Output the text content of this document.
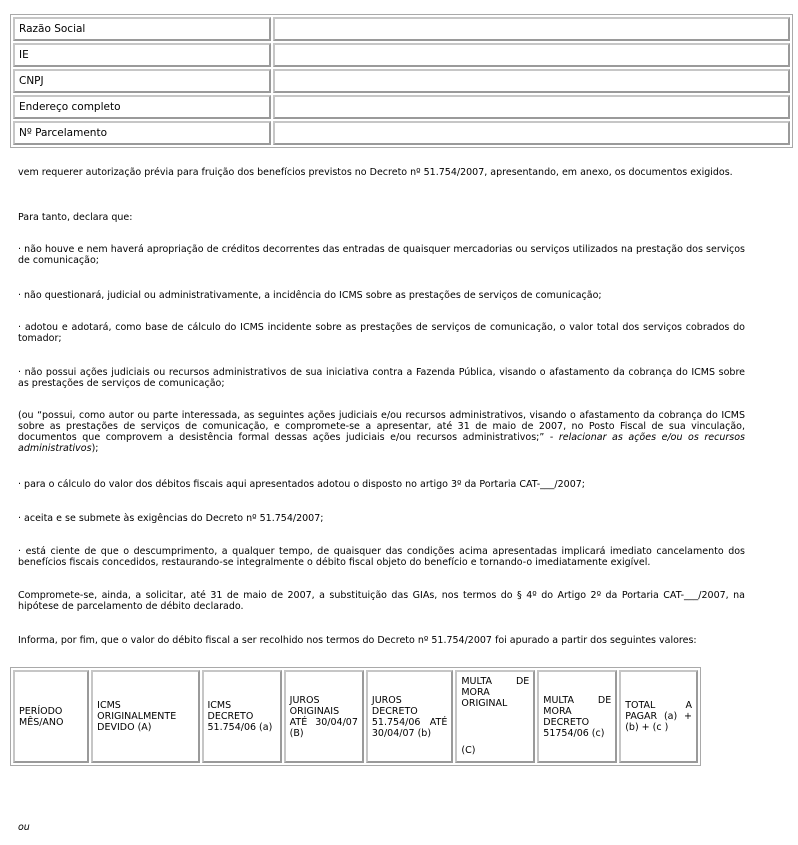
Razão Social	
IE	
CNPJ	
Endereço completo	
Nº Parcelamento	

vem requerer autorização prévia para fruição dos benefícios previstos no Decreto nº 51.754/2007, apresentando, em anexo, os documentos exigidos.

Para tanto, declara que:

· não houve e nem haverá apropriação de créditos decorrentes das entradas de quaisquer mercadorias ou serviços utilizados na prestação dos serviços de comunicação;

· não questionará, judicial ou administrativamente, a incidência do ICMS sobre as prestações de serviços de comunicação;

· adotou e adotará, como base de cálculo do ICMS incidente sobre as prestações de serviços de comunicação, o valor total dos serviços cobrados do tomador;

· não possui ações judiciais ou recursos administrativos de sua iniciativa contra a Fazenda Pública, visando o afastamento da cobrança do ICMS sobre as prestações de serviços de comunicação;

(ou “possui, como autor ou parte interessada, as seguintes ações judiciais e/ou recursos administrativos, visando o afastamento da cobrança do ICMS sobre as prestações de serviços de comunicação, e compromete-se a apresentar, até 31 de maio de 2007, no Posto Fiscal de sua vinculação, documentos que comprovem a desistência formal dessas ações judiciais e/ou recursos administrativos;” - relacionar as ações e/ou os recursos administrativos);

· para o cálculo do valor dos débitos fiscais aqui apresentados adotou o disposto no artigo 3º da Portaria CAT-___/2007;

· aceita e se submete às exigências do Decreto nº 51.754/2007;

· está ciente de que o descumprimento, a qualquer tempo, de quaisquer das condições acima apresentadas implicará imediato cancelamento dos benefícios fiscais concedidos, restaurando-se integralmente o débito fiscal objeto do benefício e tornando-o imediatamente exigível.

Compromete-se, ainda, a solicitar, até 31 de maio de 2007, a substituição das GIAs, nos termos do § 4º do Artigo 2º da Portaria CAT-___/2007, na hipótese de parcelamento de débito declarado.

Informa, por fim, que o valor do débito fiscal a ser recolhido nos termos do Decreto nº 51.754/2007 foi apurado a partir dos seguintes valores:

PERÍODO MÊS/ANO

ICMS ORIGINALMENTE DEVIDO (A)

ICMS DECRETO 51.754/06 (a)

JUROS ORIGINAIS ATÉ 30/04/07 (B)

JUROS DECRETO 51.754/06 ATÉ 30/04/07 (b)

MULTA DE MORA ORIGINAL
(C)

MULTA DE MORA DECRETO 51754/06 (c)

TOTAL A PAGAR (a) + (b) + (c )
ou
